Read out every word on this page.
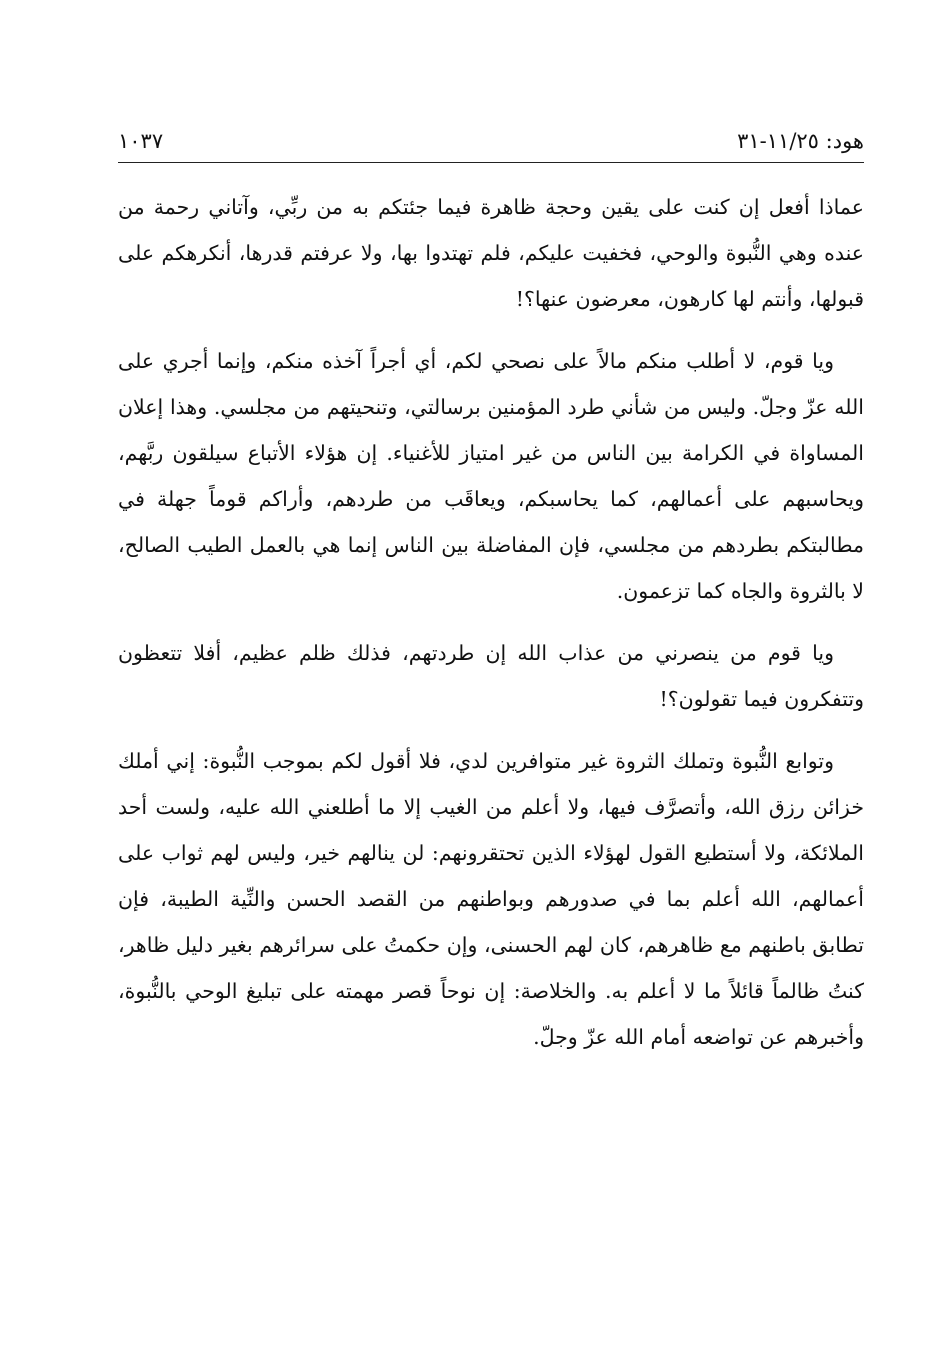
هود: ١١/٢٥-٣١
١٠٣٧

عماذا أفعل إن كنت على يقين وحجة ظاهرة فيما جئتكم به من ربِّي، وآتاني رحمة من عنده وهي النُّبوة والوحي، فخفيت عليكم، فلم تهتدوا بها، ولا عرفتم قدرها، أنكرهكم على قبولها، وأنتم لها كارهون، معرضون عنها؟!

ويا قوم، لا أطلب منكم مالاً على نصحي لكم، أي أجراً آخذه منكم، وإنما أجري على الله عزّ وجلّ. وليس من شأني طرد المؤمنين برسالتي، وتنحيتهم من مجلسي. وهذا إعلان المساواة في الكرامة بين الناس من غير امتياز للأغنياء. إن هؤلاء الأتباع سيلقون ربَّهم، ويحاسبهم على أعمالهم، كما يحاسبكم، ويعاقَب من طردهم، وأراكم قوماً جهلة في مطالبتكم بطردهم من مجلسي، فإن المفاضلة بين الناس إنما هي بالعمل الطيب الصالح، لا بالثروة والجاه كما تزعمون.

ويا قوم من ينصرني من عذاب الله إن طردتهم، فذلك ظلم عظيم، أفلا تتعظون وتتفكرون فيما تقولون؟!

وتوابع النُّبوة وتملك الثروة غير متوافرين لدي، فلا أقول لكم بموجب النُّبوة: إني أملك خزائن رزق الله، وأتصرَّف فيها، ولا أعلم من الغيب إلا ما أطلعني الله عليه، ولست أحد الملائكة، ولا أستطيع القول لهؤلاء الذين تحتقرونهم: لن ينالهم خير، وليس لهم ثواب على أعمالهم، الله أعلم بما في صدورهم وبواطنهم من القصد الحسن والنِّية الطيبة، فإن تطابق باطنهم مع ظاهرهم، كان لهم الحسنى، وإن حكمتُ على سرائرهم بغير دليل ظاهر، كنتُ ظالماً قائلاً ما لا أعلم به. والخلاصة: إن نوحاً قصر مهمته على تبليغ الوحي بالنُّبوة، وأخبرهم عن تواضعه أمام الله عزّ وجلّ.
